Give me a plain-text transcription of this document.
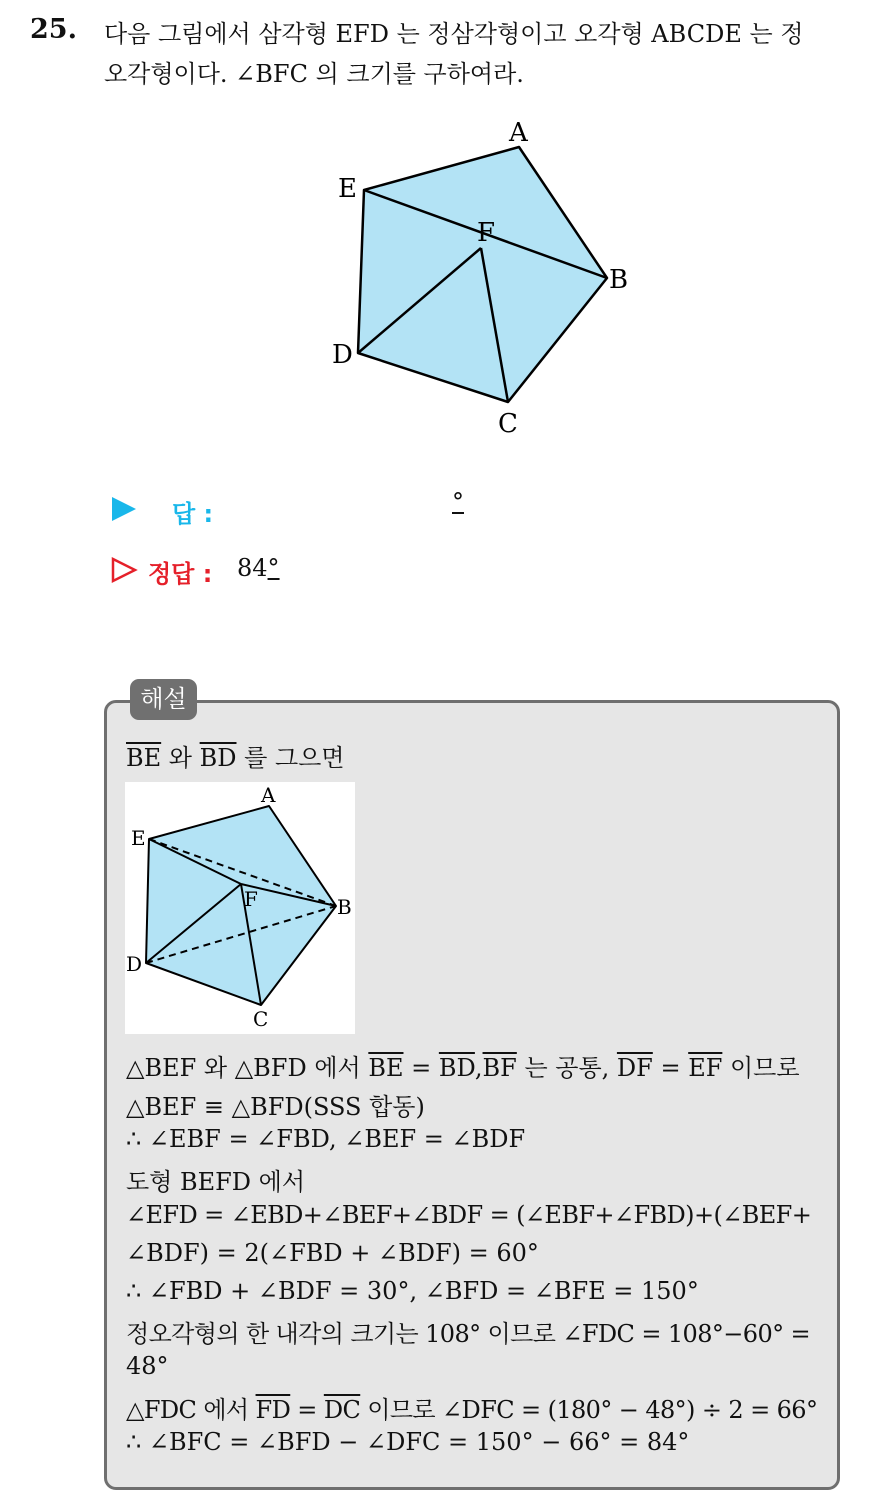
25. 다음 그림에서 삼각형 EFD 는 정삼각형이고 오각형 ABCDE 는 정
오각형이다. ∠BFC 의 크기를 구하여라.
A
B
C
D
E
F
답 :	°
정답 : 84°
해설
$\overline{BE}$ 와 $\overline{BD}$ 를 그으면
A
B
C
D
E
F
△BEF 와 △BFD 에서 $\overline{BE} = \overline{BD},\overline{BF}$ 는 공통, $\overline{DF} = \overline{EF}$ 이므로
△BEF ≡ △BFD(SSS 합동)
∴ ∠EBF = ∠FBD, ∠BEF = ∠BDF
도형 BEFD 에서
∠EFD = ∠EBD+∠BEF+∠BDF = (∠EBF+∠FBD)+(∠BEF+
∠BDF) = 2(∠FBD + ∠BDF) = 60°
∴ ∠FBD + ∠BDF = 30°, ∠BFD = ∠BFE = 150°
정오각형의 한 내각의 크기는 108° 이므로 ∠FDC = 108°−60° =
48°
△FDC 에서 $\overline{FD} = \overline{DC}$ 이므로 ∠DFC = (180° − 48°) ÷ 2 = 66°
∴ ∠BFC = ∠BFD − ∠DFC = 150° − 66° = 84°
